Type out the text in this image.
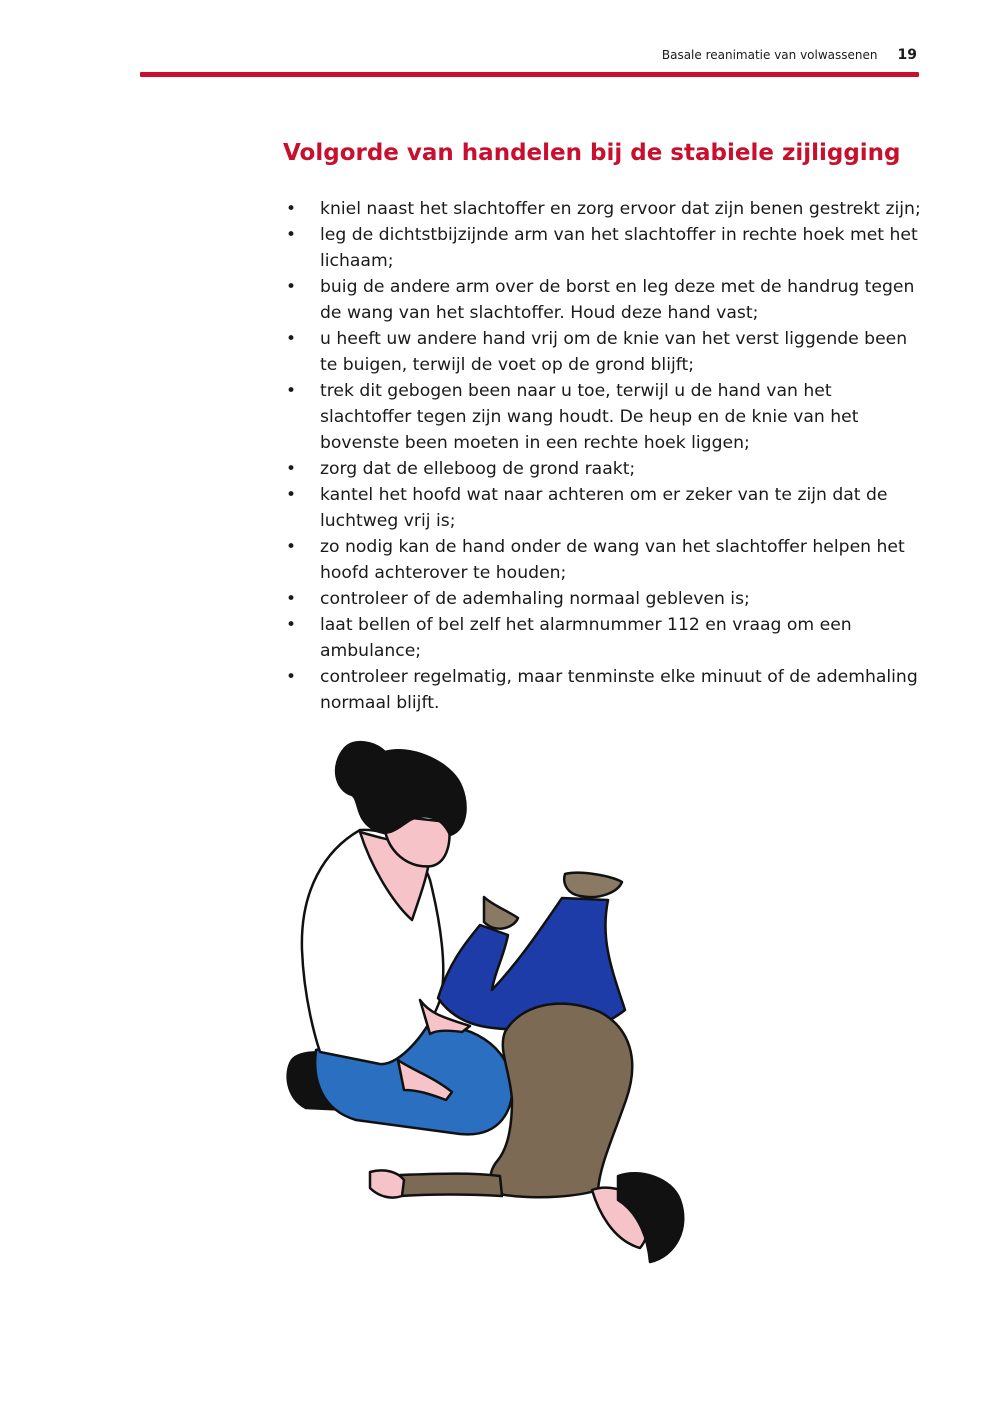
Basale reanimatie van volwassenen 19
Volgorde van handelen bij de stabiele zijligging
• kniel naast het slachtoffer en zorg ervoor dat zijn benen gestrekt zijn;
• leg de dichtstbijzijnde arm van het slachtoffer in rechte hoek met het lichaam;
• buig de andere arm over de borst en leg deze met de handrug tegen de wang van het slachtoffer. Houd deze hand vast;
• u heeft uw andere hand vrij om de knie van het verst liggende been te buigen, terwijl de voet op de grond blijft;
• trek dit gebogen been naar u toe, terwijl u de hand van het slachtoffer tegen zijn wang houdt. De heup en de knie van het bovenste been moeten in een rechte hoek liggen;
• zorg dat de elleboog de grond raakt;
• kantel het hoofd wat naar achteren om er zeker van te zijn dat de luchtweg vrij is;
• zo nodig kan de hand onder de wang van het slachtoffer helpen het hoofd achterover te houden;
• controleer of de ademhaling normaal gebleven is;
• laat bellen of bel zelf het alarmnummer 112 en vraag om een ambulance;
• controleer regelmatig, maar tenminste elke minuut of de ademhaling normaal blijft.
